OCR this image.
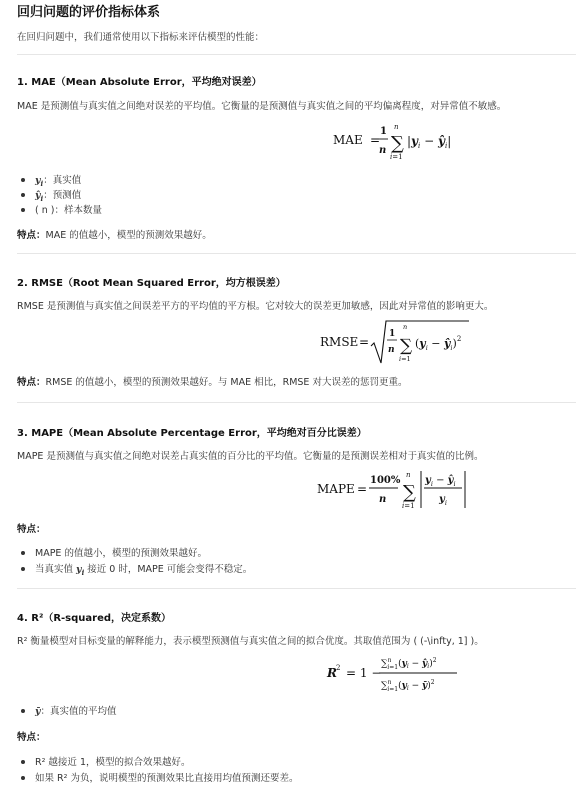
回归问题的评价指标体系
在回归问题中，我们通常使用以下指标来评估模型的性能：
1. MAE（Mean Absolute Error，平均绝对误差）
MAE 是预测值与真实值之间绝对误差的平均值。它衡量的是预测值与真实值之间的平均偏离程度，对异常值不敏感。
MAE =
1
n
n
∑
i=1
$|y_i$ − $ŷ_i|$
$y_i$：真实值
$ŷ_i$：预测值
( n )：样本数量
特点：MAE 的值越小，模型的预测效果越好。
2. RMSE（Root Mean Squared Error，均方根误差）
RMSE 是预测值与真实值之间误差平方的平均值的平方根。它对较大的误差更加敏感，因此对异常值的影响更大。
RMSE =
1
n
n
∑
i=1
($y_i$ − $ŷ_i)^2$
特点：RMSE 的值越小，模型的预测效果越好。与 MAE 相比，RMSE 对大误差的惩罚更重。
3. MAPE（Mean Absolute Percentage Error，平均绝对百分比误差）
MAPE 是预测值与真实值之间绝对误差占真实值的百分比的平均值。它衡量的是预测误差相对于真实值的比例。
MAPE =
100%
n
n
∑
i=1
$y_i$ − $ŷ_i$
$y_i$
特点：
MAPE 的值越小，模型的预测效果越好。
当真实值 $y_i$ 接近 0 时，MAPE 可能会变得不稳定。
4. R²（R-squared，决定系数）
R² 衡量模型对目标变量的解释能力，表示模型预测值与真实值之间的拟合优度。其取值范围为 ( (-\infty, 1] )。
R 2 = 1 −
∑$^n$ $i=1(y_i$ − $ŷ_i)^2$
∑$^n$ $i=1(y_i$ − ȳ)$^2$
ȳ：真实值的平均值
特点：
R² 越接近 1，模型的拟合效果越好。
如果 R² 为负，说明模型的预测效果比直接用均值预测还要差。
